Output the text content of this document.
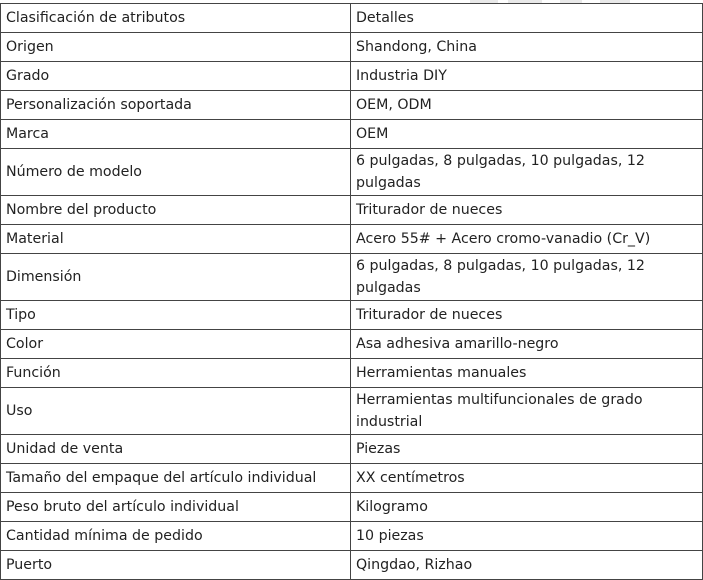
Clasificación de atributos	Detalles
Origen	Shandong, China
Grado	Industria DIY
Personalización soportada	OEM, ODM
Marca	OEM
Número de modelo	6 pulgadas, 8 pulgadas, 10 pulgadas, 12 pulgadas
Nombre del producto	Triturador de nueces
Material	Acero 55# + Acero cromo-vanadio (Cr_V)
Dimensión	6 pulgadas, 8 pulgadas, 10 pulgadas, 12 pulgadas
Tipo	Triturador de nueces
Color	Asa adhesiva amarillo-negro
Función	Herramientas manuales
Uso	Herramientas multifuncionales de grado industrial
Unidad de venta	Piezas
Tamaño del empaque del artículo individual	XX centímetros
Peso bruto del artículo individual	Kilogramo
Cantidad mínima de pedido	10 piezas
Puerto	Qingdao, Rizhao
